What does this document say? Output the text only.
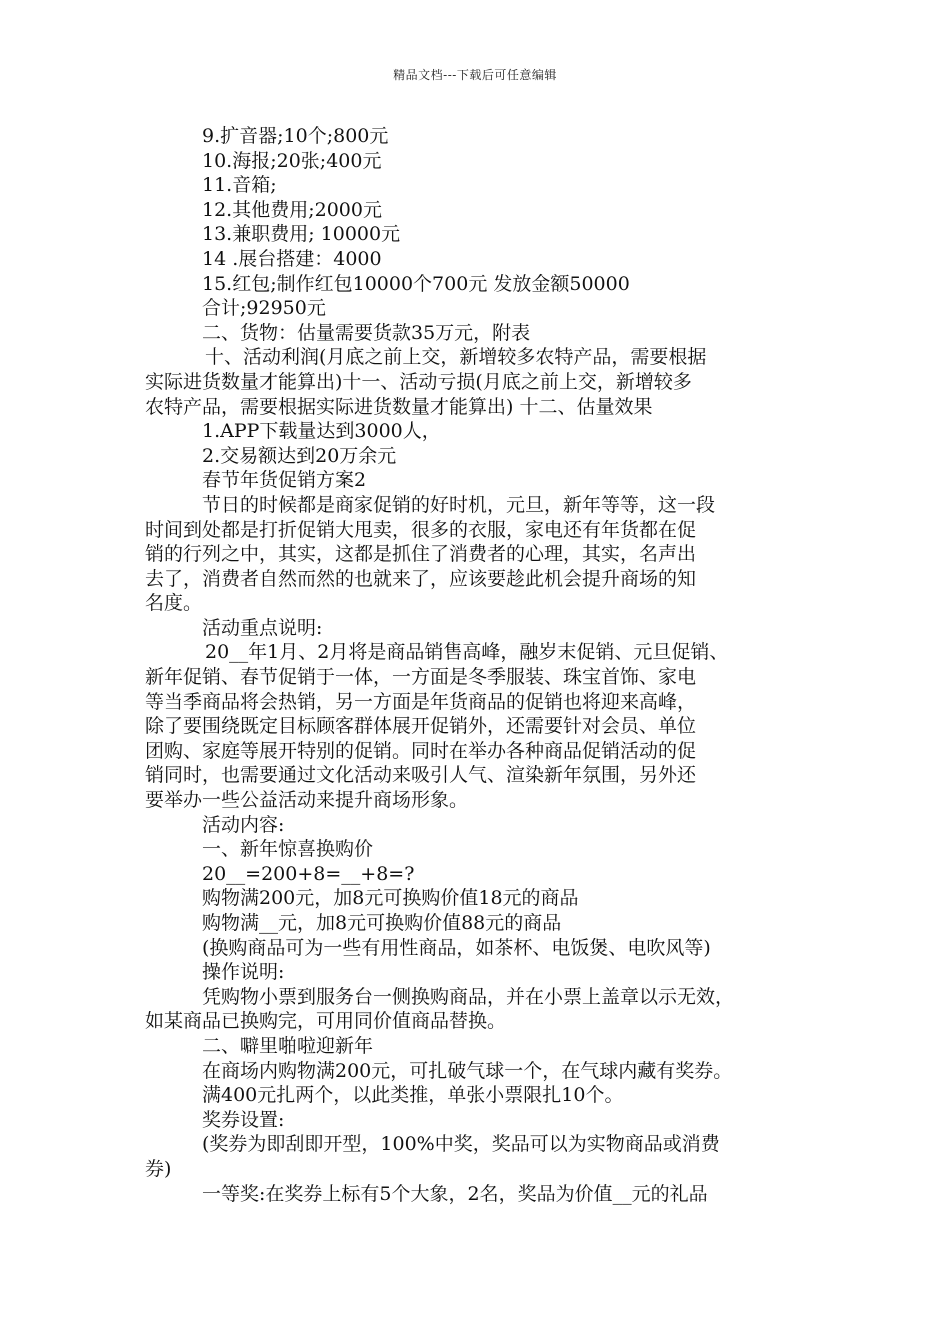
精品文档---下载后可任意编辑
9.扩音器;10个;800元
10.海报;20张;400元
11.音箱;
12.其他费用;2000元
13.兼职费用; 10000元
14 .展台搭建：4000
15.红包;制作红包10000个700元 发放金额50000
合计;92950元
二、货物：估量需要货款35万元，附表
十、活动利润(月底之前上交，新增较多农特产品，需要根据
实际进货数量才能算出)十一、活动亏损(月底之前上交，新增较多
农特产品，需要根据实际进货数量才能算出) 十二、估量效果
1.APP下载量达到3000人，
2.交易额达到20万余元
春节年货促销方案2
节日的时候都是商家促销的好时机，元旦，新年等等，这一段
时间到处都是打折促销大甩卖，很多的衣服，家电还有年货都在促
销的行列之中，其实，这都是抓住了消费者的心理，其实，名声出
去了，消费者自然而然的也就来了，应该要趁此机会提升商场的知
名度。
活动重点说明:
20__年1月、2月将是商品销售高峰，融岁末促销、元旦促销、
新年促销、春节促销于一体，一方面是冬季服装、珠宝首饰、家电
等当季商品将会热销，另一方面是年货商品的促销也将迎来高峰，
除了要围绕既定目标顾客群体展开促销外，还需要针对会员、单位
团购、家庭等展开特别的促销。同时在举办各种商品促销活动的促
销同时，也需要通过文化活动来吸引人气、渲染新年氛围，另外还
要举办一些公益活动来提升商场形象。
活动内容:
一、新年惊喜换购价
20__=200+8=__+8=?
购物满200元，加8元可换购价值18元的商品
购物满__元，加8元可换购价值88元的商品
(换购商品可为一些有用性商品，如茶杯、电饭煲、电吹风等)
操作说明:
凭购物小票到服务台一侧换购商品，并在小票上盖章以示无效，
如某商品已换购完，可用同价值商品替换。
二、噼里啪啦迎新年
在商场内购物满200元，可扎破气球一个，在气球内藏有奖券。
满400元扎两个，以此类推，单张小票限扎10个。
奖券设置:
(奖券为即刮即开型，100%中奖，奖品可以为实物商品或消费
券)
一等奖:在奖券上标有5个大象，2名，奖品为价值__元的礼品
